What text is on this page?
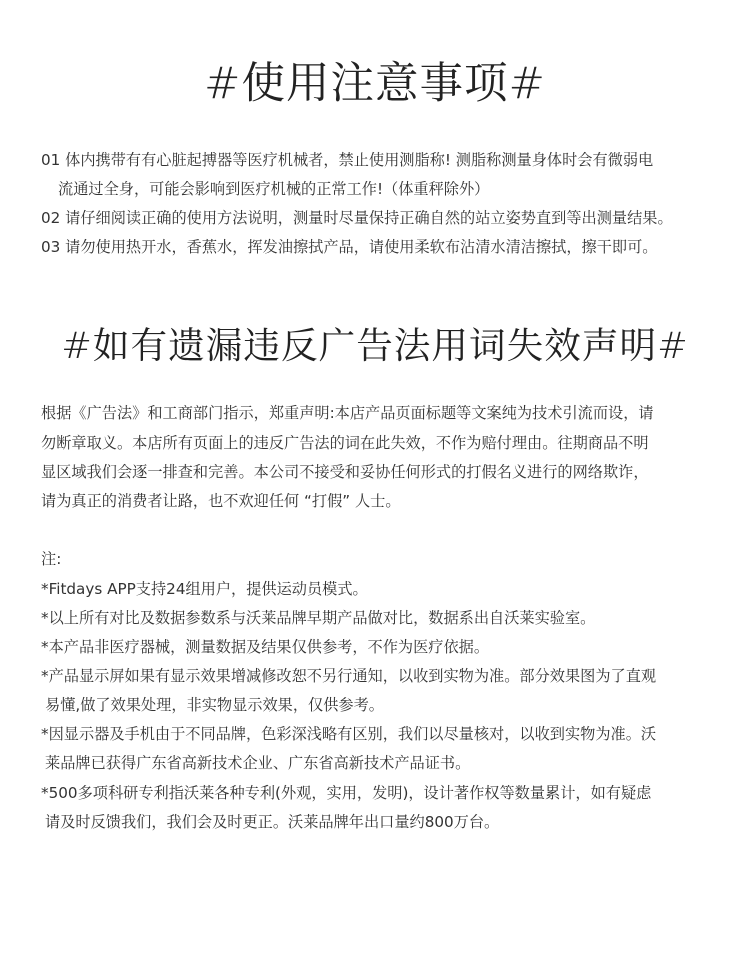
#使用注意事项#
01 体内携带有有心脏起搏器等医疗机械者，禁止使用测脂称! 测脂称测量身体时会有微弱电
流通过全身，可能会影响到医疗机械的正常工作!（体重秤除外）
02 请仔细阅读正确的使用方法说明，测量时尽量保持正确自然的站立姿势直到等出测量结果。
03 请勿使用热开水，香蕉水，挥发油擦拭产品，请使用柔软布沾清水清洁擦拭，擦干即可。
#如有遗漏违反广告法用词失效声明#
根据《广告法》和工商部门指示，郑重声明:本店产品页面标题等文案纯为技术引流而设，请
勿断章取义。本店所有页面上的违反广告法的词在此失效，不作为赔付理由。往期商品不明
显区域我们会逐一排查和完善。本公司不接受和妥协任何形式的打假名义进行的网络欺诈，
请为真正的消费者让路，也不欢迎任何 “打假” 人士。
注:
*Fitdays APP支持24组用户，提供运动员模式。
*以上所有对比及数据参数系与沃莱品牌早期产品做对比，数据系出自沃莱实验室。
*本产品非医疗器械，测量数据及结果仅供参考，不作为医疗依据。
*产品显示屏如果有显示效果增减修改恕不另行通知，以收到实物为准。部分效果图为了直观
易懂,做了效果处理，非实物显示效果，仅供参考。
*因显示器及手机由于不同品牌，色彩深浅略有区别，我们以尽量核对，以收到实物为准。沃
莱品牌已获得广东省高新技术企业、广东省高新技术产品证书。
*500多项科研专利指沃莱各种专利(外观，实用，发明)，设计著作权等数量累计，如有疑虑
请及时反馈我们，我们会及时更正。沃莱品牌年出口量约800万台。
